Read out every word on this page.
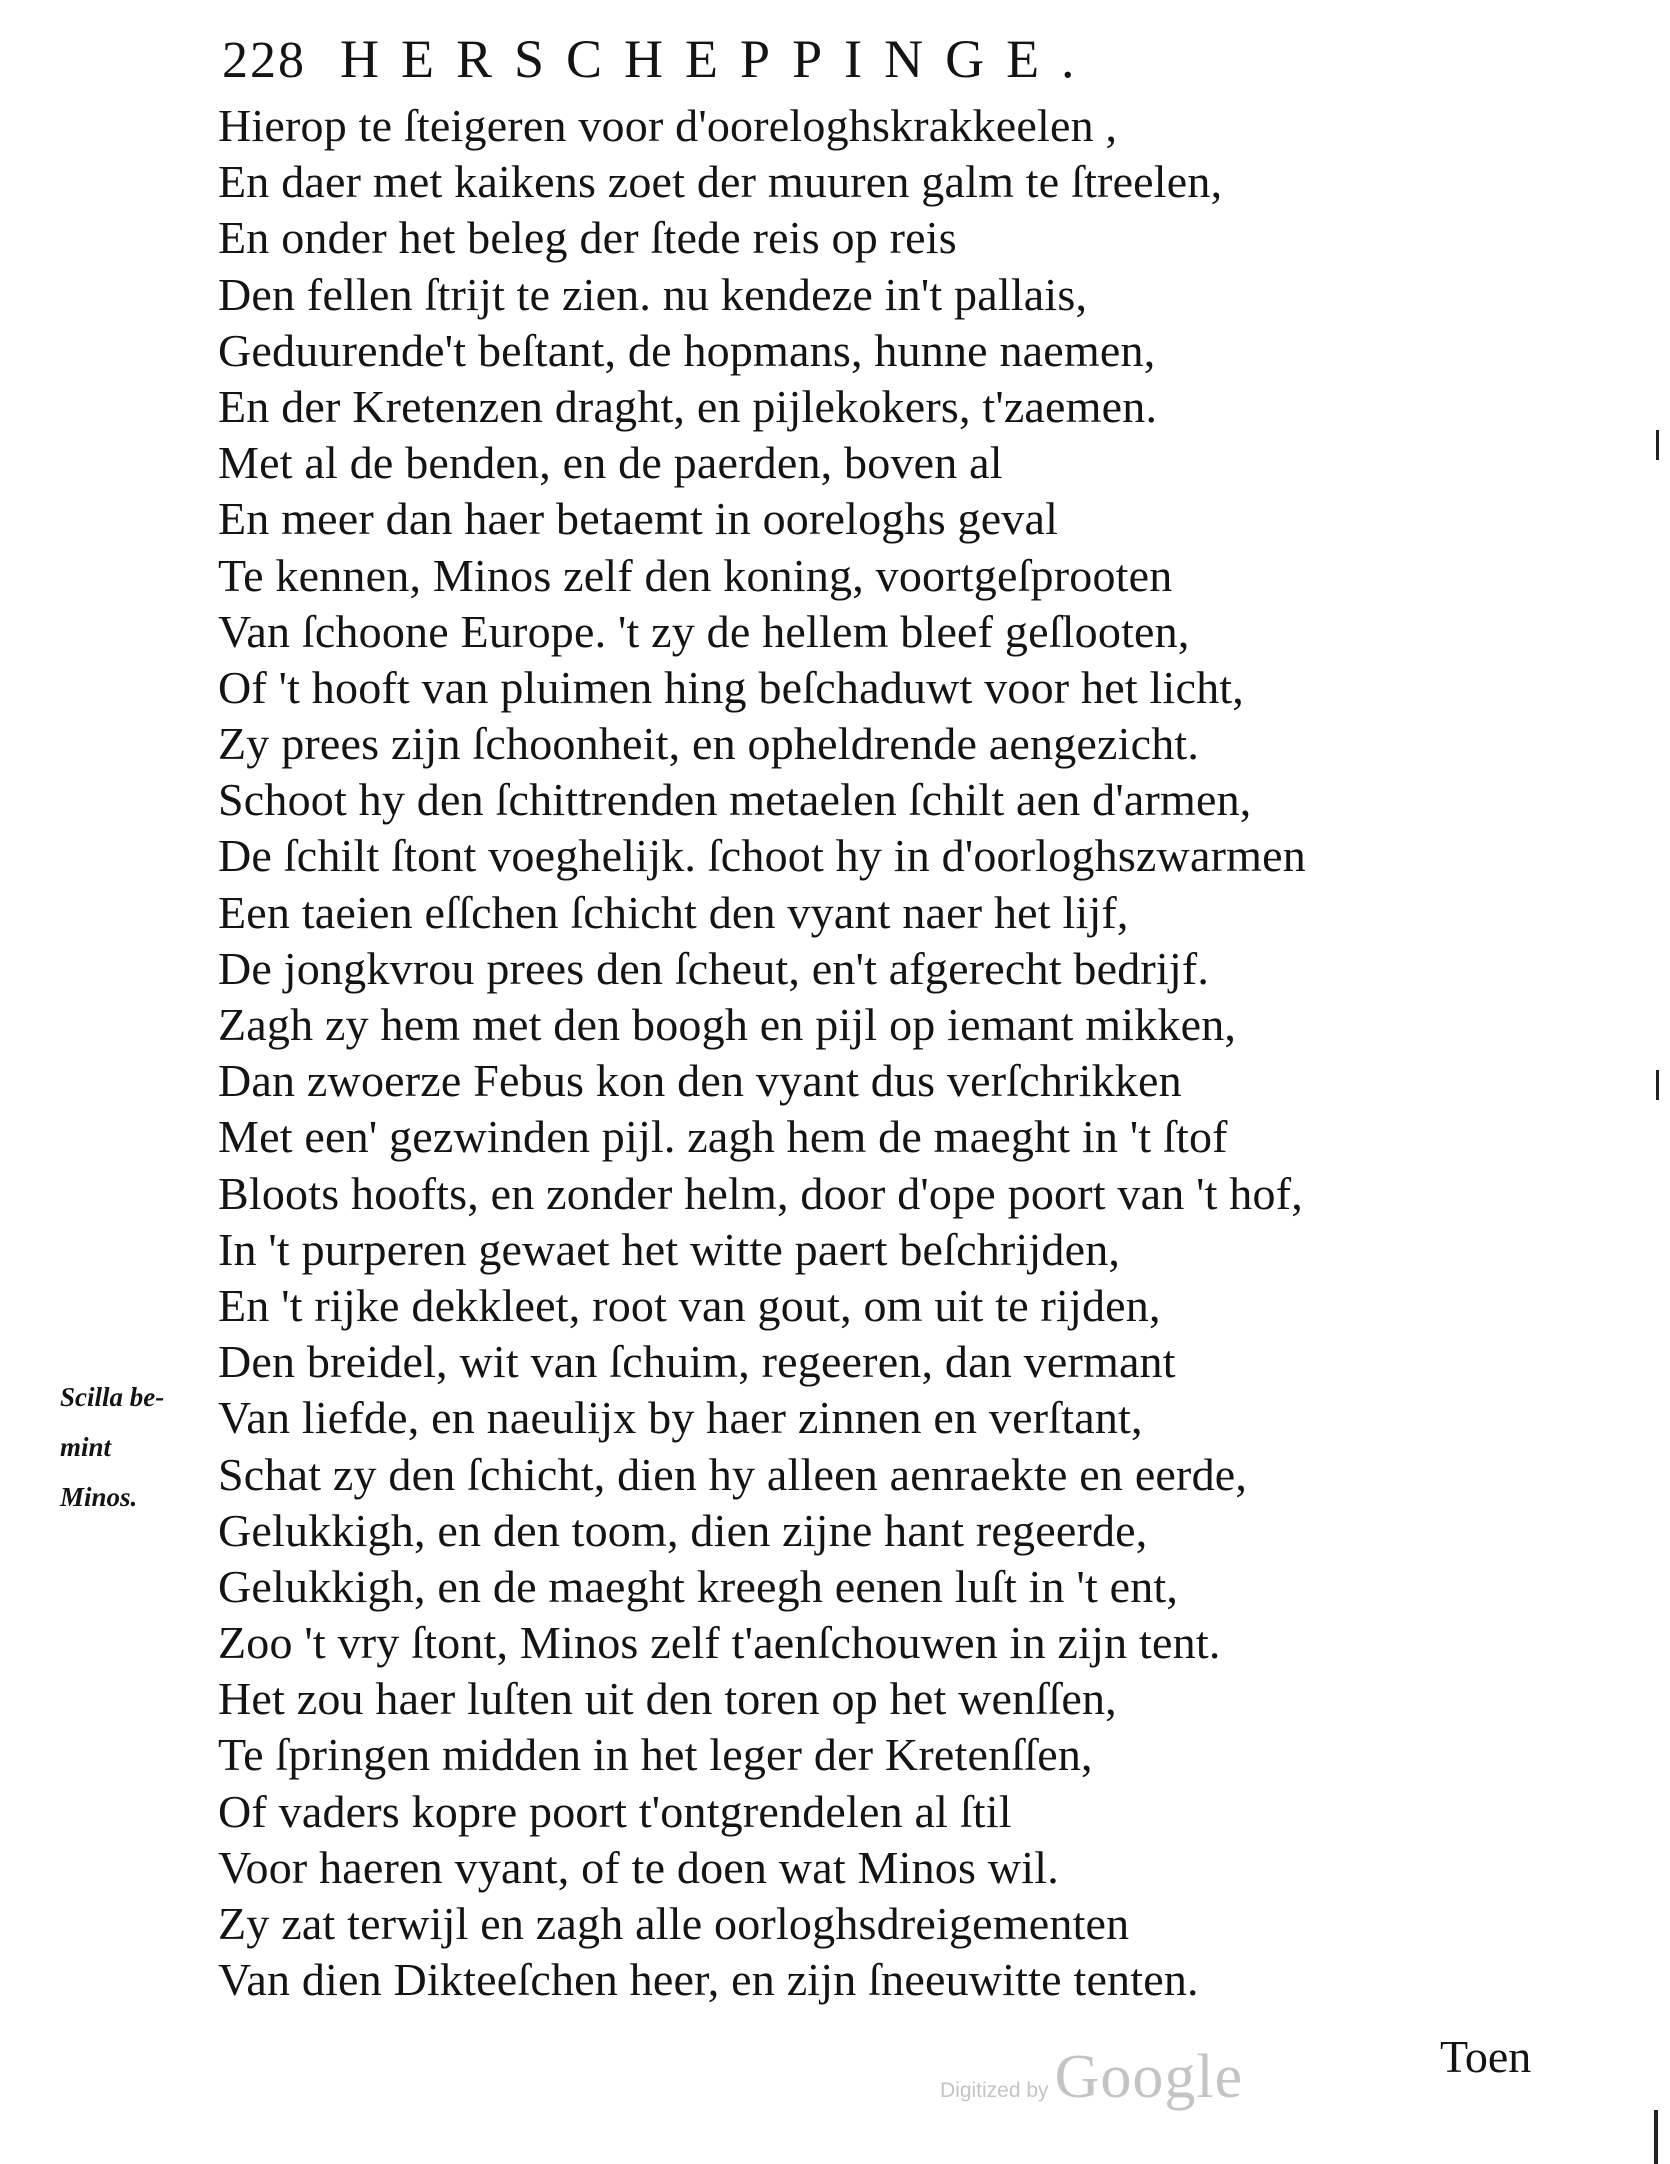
228 HERSCHEPPINGE.
Hierop te ſteigeren voor d'ooreloghskrakkeelen ,
En daer met kaikens zoet der muuren galm te ſtreelen,
En onder het beleg der ſtede reis op reis
Den fellen ſtrijt te zien. nu kendeze in't pallais,
Geduurende't beſtant, de hopmans, hunne naemen,
En der Kretenzen draght, en pijlekokers, t'zaemen.
Met al de benden, en de paerden, boven al
En meer dan haer betaemt in ooreloghs geval
Te kennen, Minos zelf den koning, voortgeſprooten
Van ſchoone Europe. 't zy de hellem bleef geſlooten,
Of 't hooft van pluimen hing beſchaduwt voor het licht,
Zy prees zijn ſchoonheit, en opheldrende aengezicht.
Schoot hy den ſchittrenden metaelen ſchilt aen d'armen,
De ſchilt ſtont voeghelijk. ſchoot hy in d'oorloghszwarmen
Een taeien eſſchen ſchicht den vyant naer het lijf,
De jongkvrou prees den ſcheut, en't afgerecht bedrijf.
Zagh zy hem met den boogh en pijl op iemant mikken,
Dan zwoerze Febus kon den vyant dus verſchrikken
Met een' gezwinden pijl. zagh hem de maeght in 't ſtof
Bloots hoofts, en zonder helm, door d'ope poort van 't hof,
In 't purperen gewaet het witte paert beſchrijden,
En 't rijke dekkleet, root van gout, om uit te rijden,
Den breidel, wit van ſchuim, regeeren, dan vermant
Van liefde, en naeulijx by haer zinnen en verſtant,
Schat zy den ſchicht, dien hy alleen aenraekte en eerde,
Gelukkigh, en den toom, dien zijne hant regeerde,
Gelukkigh, en de maeght kreegh eenen luſt in 't ent,
Zoo 't vry ſtont, Minos zelf t'aenſchouwen in zijn tent.
Het zou haer luſten uit den toren op het wenſſen,
Te ſpringen midden in het leger der Kretenſſen,
Of vaders kopre poort t'ontgrendelen al ſtil
Voor haeren vyant, of te doen wat Minos wil.
Zy zat terwijl en zagh alle oorloghsdreigementen
Van dien Dikteeſchen heer, en zijn ſneeuwitte tenten.
Scilla be-
mint
Minos.
Digitized by Google	Toen
